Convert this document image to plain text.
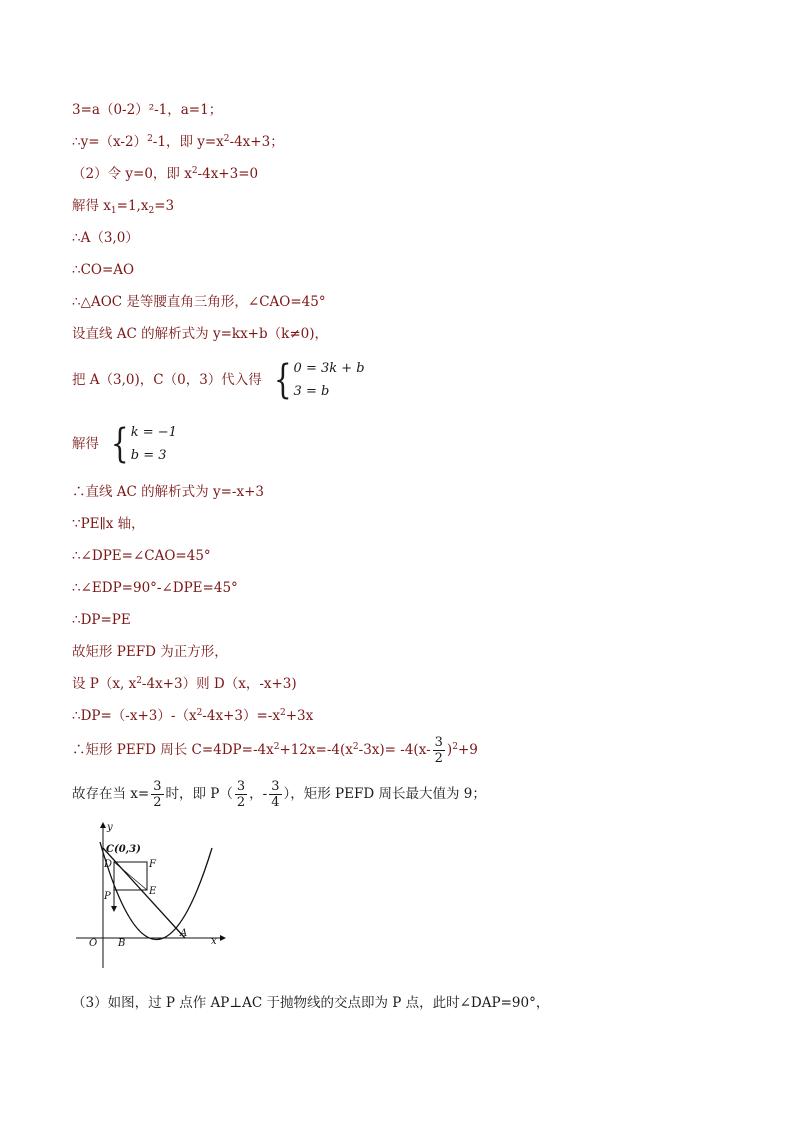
3=a（0-2）²-1，a=1；
$\therefore y=(x-2)^2-1$，即 $y=x^2-4x+3$；
（2）令 y=0，即 $x^2-4x+3=0$
解得 $x_1=1,x_2=3$
∴A（3,0）
∴CO=AO
∴△AOC 是等腰直角三角形，∠CAO=45°
设直线 AC 的解析式为 y=kx+b（k≠0)，
把 A（3,0)，C（0，3）代入得 { 0 = 3k + b
3 = b
解得 { k = −1
b = 3
∴直线 AC 的解析式为 y=-x+3
∵PE∥x 轴，
∴∠DPE=∠CAO=45°
∴∠EDP=90°-∠DPE=45°
∴DP=PE
故矩形 PEFD 为正方形，
设 P（x, $x^2-4x+3$）则 D（x，-x+3)
$\therefore DP=(-x+3)-(x^2-4x+3)=-x^2+3x$
∴矩形 PEFD 周长 $C=4DP=-4x^2+12x=-4(x^2-3x)= -4(x- \frac{3}{2} )^2+9$
故存在当 $x= \frac{3}{2}$ 时，即 $P( \frac{3}{2}$ ，- $\frac{3}{4}$ ），矩形 PEFD 周长最大值为 9；
y
x
O
C(0,3)
D	F
E
P
B
A
（3）如图，过 P 点作 AP⊥AC 于抛物线的交点即为 P 点，此时∠DAP=90°，
